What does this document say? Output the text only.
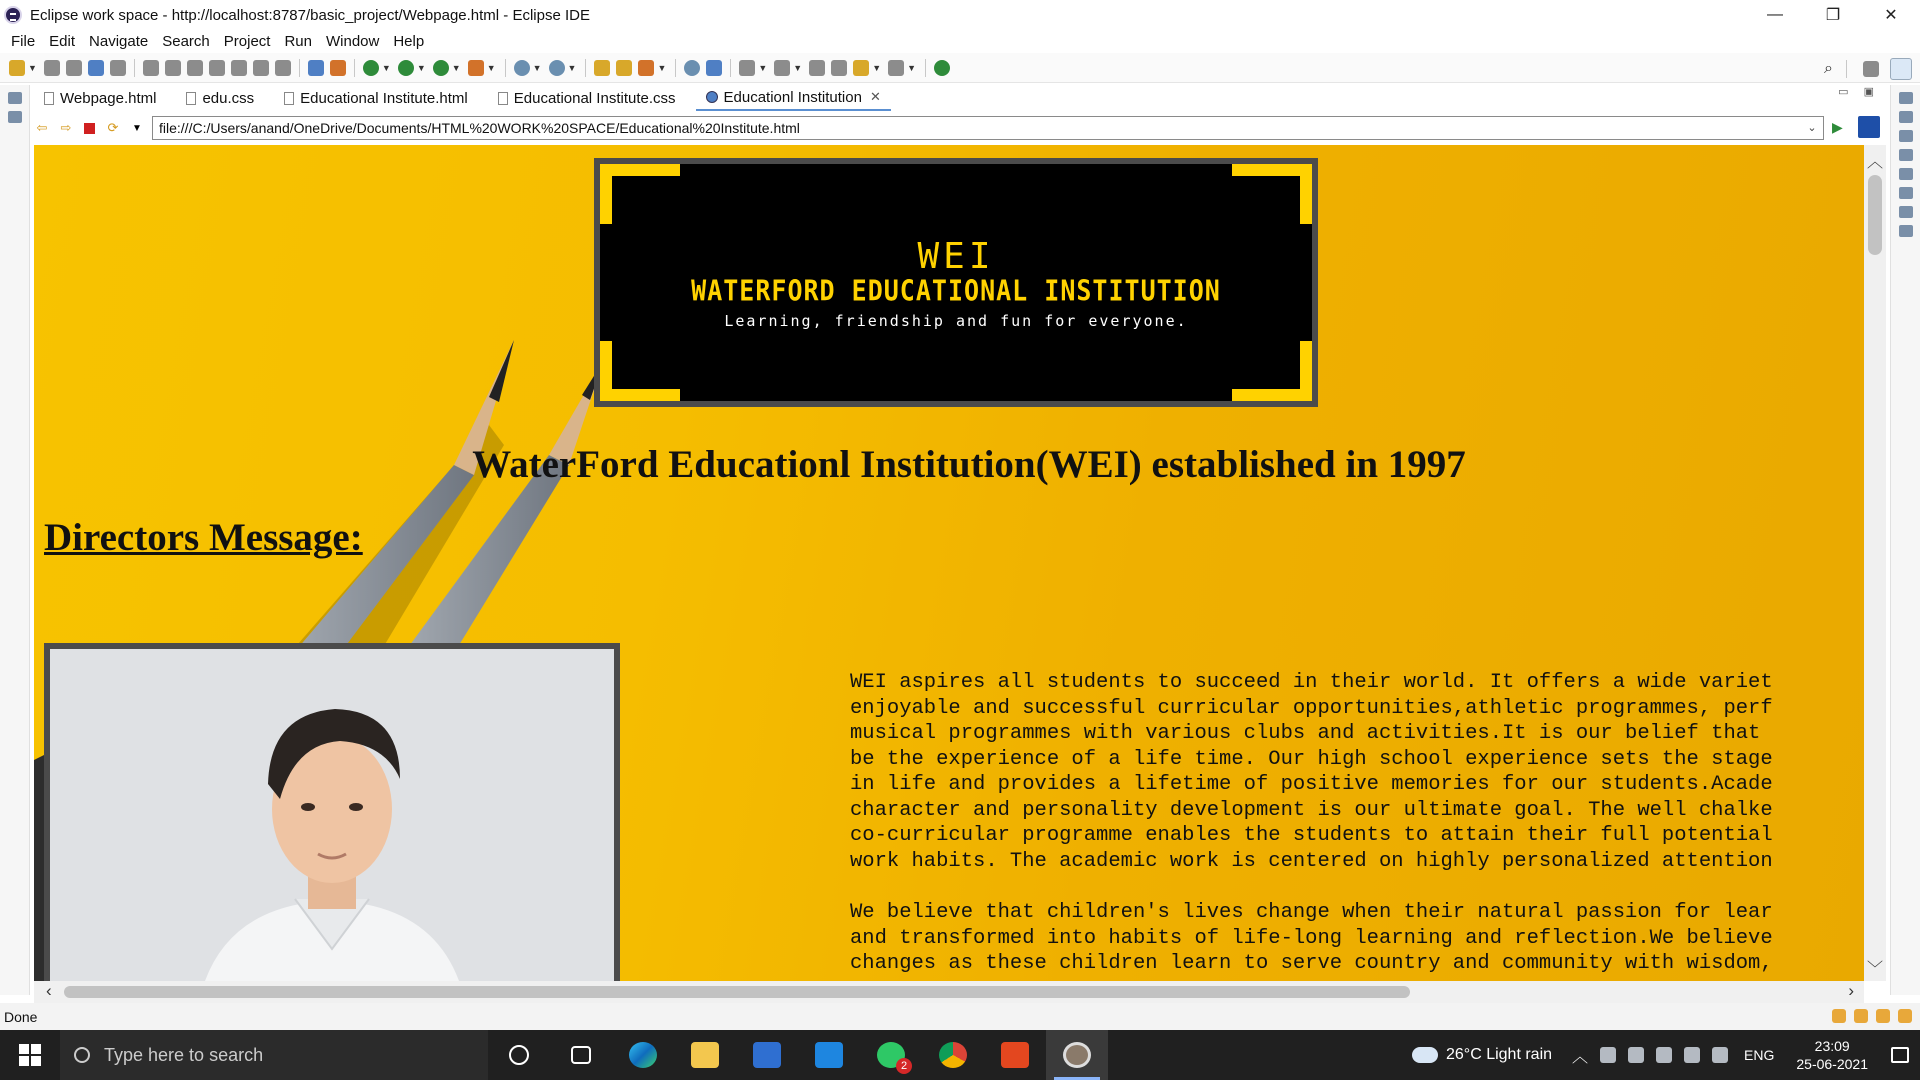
Eclipse work space - http://localhost:8787/basic_project/Webpage.html - Eclipse IDE	—	❐	✕
File Edit Navigate Search Project Run Window Help
▼	▼	▼	▼	▼	▼	▼	▼	▼	▼	▼	▼	⌕
Webpage.html	edu.css	Educational Institute.html	Educational Institute.css	Educationl Institution ✕	▭ ▣
⇦ ⇨	⟳	▼	file:///C:/Users/anand/OneDrive/Documents/HTML%20WORK%20SPACE/Educational%20Institute.html	⌄	▶
WEI
WATERFORD EDUCATIONAL INSTITUTION
Learning, friendship and fun for everyone.
WaterFord Educationl Institution(WEI) established in 1997
Directors Message:
WEI aspires all students to succeed in their world. It offers a wide variet
enjoyable and successful curricular opportunities,athletic programmes, perf
musical programmes with various clubs and activities.It is our belief that
be the experience of a life time. Our high school experience sets the stage
in life and provides a lifetime of positive memories for our students.Acade
character and personality development is our ultimate goal. The well chalke
co-curricular programme enables the students to attain their full potential
work habits. The academic work is centered on highly personalized attention
We believe that children's lives change when their natural passion for lear
and transformed into habits of life-long learning and reflection.We believe
changes as these children learn to serve country and community with wisdom,
︿
﹀
‹	›
Done
Type here to search
2
26°C Light rain ︿	ENG
23:09
25-06-2021
